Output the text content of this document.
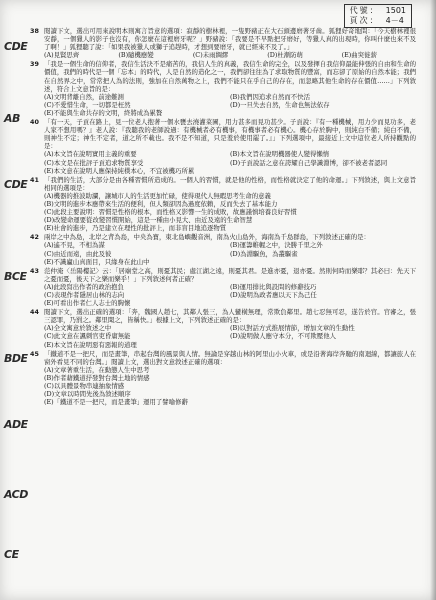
代號： 1501
頁次： 4－4
CDE
AB
CDE
BCE
BDE
ADE
ACD
CE
38 閱讀下文，選出可用來說明本則寓言旨意的選項：寂靜的樹林裡，一隻野豬正在大石頭邊磨著牙齒。狐狸好奇地問：「今天樹林裡很安靜，一個獵人的影子也沒有，你怎麼在這裡磨牙呢？」野豬說：「我要是不早點把牙磨好，等獵人真的出現時，你叫什麼也來不及了啊！」狐狸聽了說：「如果我被獵人或獅子追趕時，才想到要磨牙，就已經來不及了。」
(A)見賢思齊	(B)隨機應變	(C)未雨綢繆	(D)杜漸防萌	(E)曲突徙薪
39 「我是一個生命的信仰者，我信生活決不是痛苦的，我信人生的真義，我信生命的完全，以及發揮自我信仰最能伸張的自由和生命的價值，我們的時代是一個「忘本」的時代，人是自然的造化之一，我們卻往往為了求取物質的豐富，而忘卻了原始的自然本能；我們在自然界之中，常常把人為的法則，強加在自然萬物之上，我們不能只在乎自己的存在，而忽略其他生命的存在價值……」下列敘述，符合上文意旨的是：
(A)文明背離自然，前途難測	(B)我們因追求自然而不快活
(C)不愛惜生命，一切都是枉然	(D)一旦失去自然，生命也無法依存
(E)不能與生命共存的文明，終將成為累贅
40 「有一天，子貢在路上，見一位老人抱著一個水甕去澆灌菜圃，用力甚多而見功甚少。子貢說：『有一種機械，用力少而見功多，老人家不想用嗎？』老人說：『我聽我的老師說過：有機械者必有機事，有機事者必有機心。機心存於胸中，則純白不備；純白不備，則神生不定；神生不定者，道之所不載也。我不是不知道，只是羞於使用罷了。』」下列選項中，最接近上文中這位老人所持觀點的是：
(A)本文旨在說明實用主義的重要	(B)本文旨在說明機器使人變得懶惰
(C)本文是在批評子貢追求物質享受	(D)子貢說話之意在誇耀自己學識淵博，卻不被老者認同
(E)本文意在說明人應保持純樸本心，不宜被機巧所累
41 「我們的生活，大部分是由各種習慣所造成的。一個人的習慣，就是他的性格，而性格就決定了他的命運。」下列敘述，與上文意旨相同的選項是：
(A)機器的推波助瀾，讓城市人的生活更加忙碌，使得現代人無暇思考生命的意義
(B)文明的進步本應帶來生活的便利，但人類卻因為過度依賴，反而失去了基本能力
(C)此段主要說明：習慣是性格的根本，而性格又影響一生的成敗，故應謹慎培養良好習慣
(D)改變命運要從改變習慣開始，這是一種由小見大、由近及遠的生命智慧
(E)社會的進步，乃是建立在理性的批評上，而非盲目地追逐物質
42 兩岸之中為島，北岸之背為島，中央為寶，東北島嶼觀音洲，南為火山島外，海南為千島群島，下列敘述正確的是：
(A)遙不見，不相為謀	(B)運籌帷幄之中，決勝千里之外
(C)由近而遠，由此及彼	(D)為淵驅魚，為叢驅雀
(E)不識廬山真面目，只緣身在此山中
43 范仲淹〈岳陽樓記〉云：「居廟堂之高，則憂其民；處江湖之遠，則憂其君。是進亦憂，退亦憂。然則何時而樂耶？其必曰：先天下之憂而憂，後天下之樂而樂乎！」下列敘述何者正確？
(A)此段寫出作者的政治抱負	(B)運用排比與設問的修辭技巧
(C)表現作者隱居山林的志向	(D)說明為政者應以天下為己任
(E)可看出作者仁人志士的胸懷
44 閱讀下文，選出正確的選項：「奔，魏國人趙七，其鄰人張三，為人蠻橫無理，常欺負鄰里。趙七忍無可忍，遂告於官。官審之，張三認罪，乃罰之。鄰里聞之，皆稱快。」根據上文，下列敘述正確的是：
(A)全文寓意於敘述之中	(B)以對話方式推展情節，增加文章的生動性
(C)此文意在諷刺官吏昏庸無能	(D)說明做人應守本分，不可欺壓他人
(E)本文旨在說明惡有惡報的道理
45 「鐵道不是一把尺，而是畫筆，串起台灣的風景與人情。無論是穿越山林的阿里山小火車，或是沿著海岸奔馳的南迴線，都讓旅人在窗外看見不同的台灣。」閱讀上文，選出對文意敘述正確的選項：
(A)文章著重生活，在動態人生中思考
(B)作者藉鐵道抒發對台灣土地的情感
(C)以具體景物串連抽象情感
(D)文章以時間先後為敘述順序
(E)「鐵道不是一把尺，而是畫筆」運用了譬喻修辭
